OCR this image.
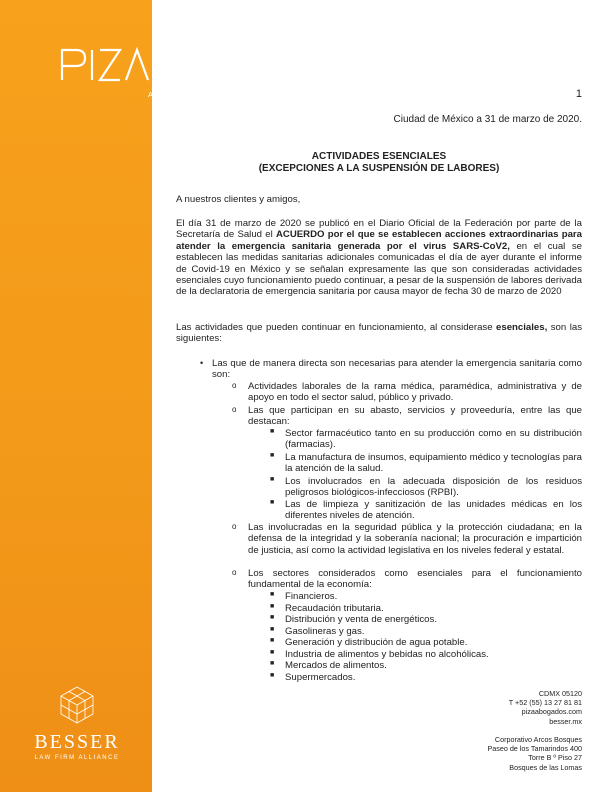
ATTORNEYS AT LAW
BESSER
LAW FIRM ALLIANCE
1
Ciudad de México a 31 de marzo de 2020.
ACTIVIDADES ESENCIALES
(EXCEPCIONES A LA SUSPENSIÓN DE LABORES)
A nuestros clientes y amigos,
El día 31 de marzo de 2020 se publicó en el Diario Oficial de la Federación por parte de la Secretaría de Salud el ACUERDO por el que se establecen acciones extraordinarias para atender la emergencia sanitaria generada por el virus SARS-CoV2, en el cual se establecen las medidas sanitarias adicionales comunicadas el día de ayer durante el informe de Covid-19 en México y se señalan expresamente las que son consideradas actividades esenciales cuyo funcionamiento puedo continuar, a pesar de la suspensión de labores derivada de la declaratoria de emergencia sanitaria por causa mayor de fecha 30 de marzo de 2020
Las actividades que pueden continuar en funcionamiento, al considerase esenciales, son las siguientes:
• Las que de manera directa son necesarias para atender la emergencia sanitaria como son:
o Actividades laborales de la rama médica, paramédica, administrativa y de apoyo en todo el sector salud, público y privado.
o Las que participan en su abasto, servicios y proveeduría, entre las que destacan:
■ Sector farmacéutico tanto en su producción como en su distribución (farmacias).
■ La manufactura de insumos, equipamiento médico y tecnologías para la atención de la salud.
■ Los involucrados en la adecuada disposición de los residuos peligrosos biológicos-infecciosos (RPBI).
■ Las de limpieza y sanitización de las unidades médicas en los diferentes niveles de atención.
o Las involucradas en la seguridad pública y la protección ciudadana; en la defensa de la integridad y la soberanía nacional; la procuración e impartición de justicia, así como la actividad legislativa en los niveles federal y estatal.
o Los sectores considerados como esenciales para el funcionamiento fundamental de la economía:
■ Financieros.
■ Recaudación tributaria.
■ Distribución y venta de energéticos.
■ Gasolineras y gas.
■ Generación y distribución de agua potable.
■ Industria de alimentos y bebidas no alcohólicas.
■ Mercados de alimentos.
■ Supermercados.
CDMX 05120
T +52 (55) 13 27 81 81
pizaabogados.com
besser.mx
Corporativo Arcos Bosques
Paseo de los Tamarindos 400
Torre B º Piso 27
Bosques de las Lomas
